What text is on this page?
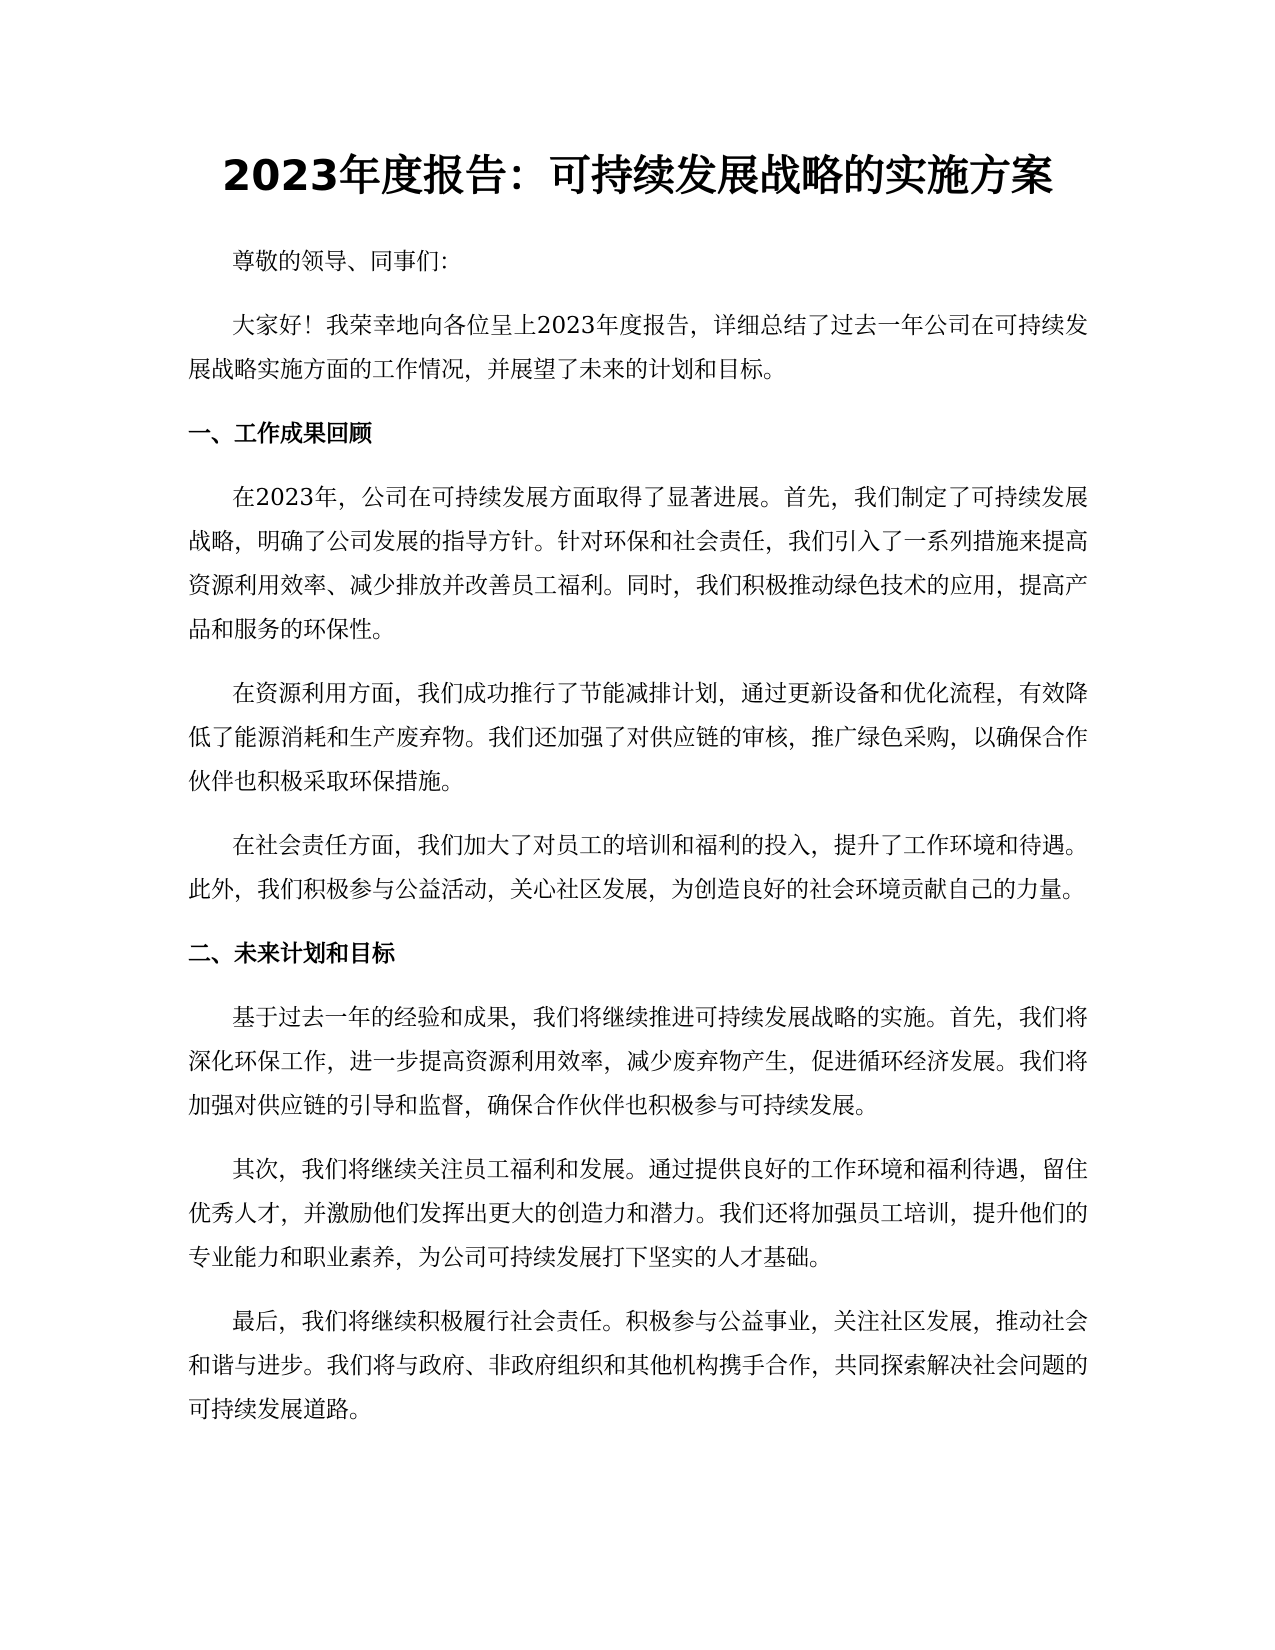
2023年度报告：可持续发展战略的实施方案

尊敬的领导、同事们：

大家好！我荣幸地向各位呈上2023年度报告，详细总结了过去一年公司在可持续发展战略实施方面的工作情况，并展望了未来的计划和目标。

一、工作成果回顾

在2023年，公司在可持续发展方面取得了显著进展。首先，我们制定了可持续发展战略，明确了公司发展的指导方针。针对环保和社会责任，我们引入了一系列措施来提高资源利用效率、减少排放并改善员工福利。同时，我们积极推动绿色技术的应用，提高产品和服务的环保性。

在资源利用方面，我们成功推行了节能减排计划，通过更新设备和优化流程，有效降低了能源消耗和生产废弃物。我们还加强了对供应链的审核，推广绿色采购，以确保合作伙伴也积极采取环保措施。

在社会责任方面，我们加大了对员工的培训和福利的投入，提升了工作环境和待遇。此外，我们积极参与公益活动，关心社区发展，为创造良好的社会环境贡献自己的力量。

二、未来计划和目标

基于过去一年的经验和成果，我们将继续推进可持续发展战略的实施。首先，我们将深化环保工作，进一步提高资源利用效率，减少废弃物产生，促进循环经济发展。我们将加强对供应链的引导和监督，确保合作伙伴也积极参与可持续发展。

其次，我们将继续关注员工福利和发展。通过提供良好的工作环境和福利待遇，留住优秀人才，并激励他们发挥出更大的创造力和潜力。我们还将加强员工培训，提升他们的专业能力和职业素养，为公司可持续发展打下坚实的人才基础。

最后，我们将继续积极履行社会责任。积极参与公益事业，关注社区发展，推动社会和谐与进步。我们将与政府、非政府组织和其他机构携手合作，共同探索解决社会问题的可持续发展道路。
